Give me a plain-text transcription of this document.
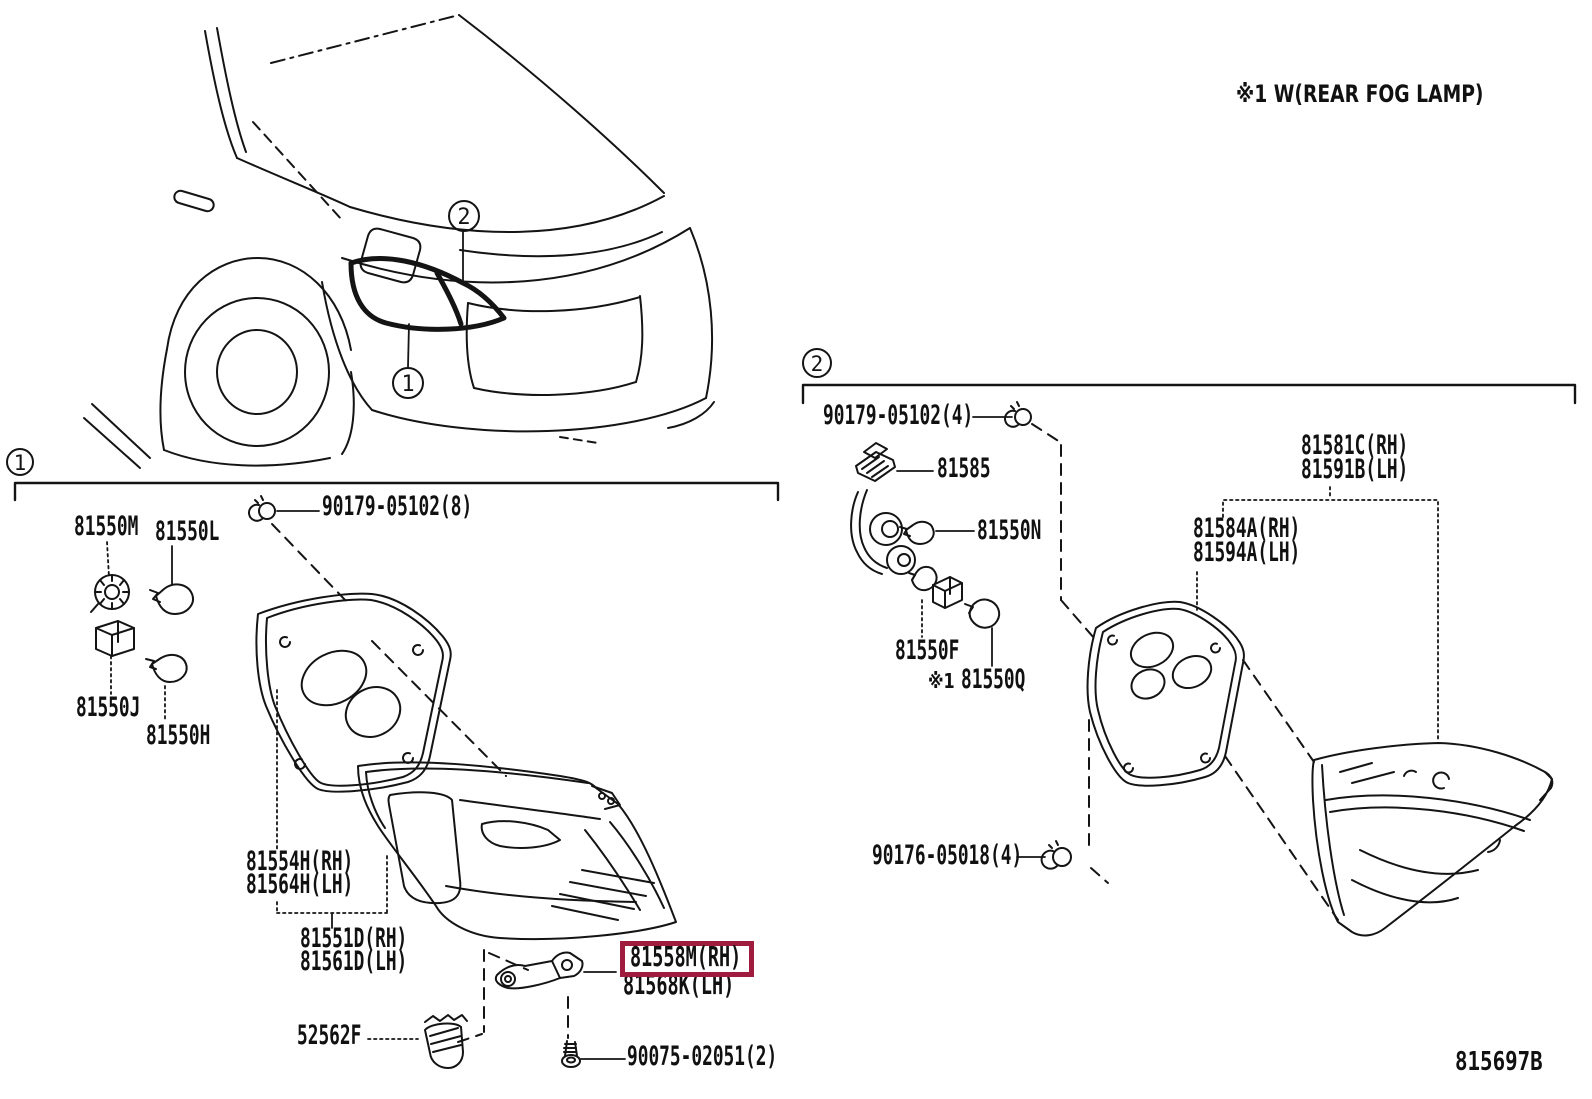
1
2
1
2
※1 W(REAR FOG LAMP)
90179-05102(8)
81550M 81550L
81550J
81550H
81554H(RH)
81564H(LH)
81551D(RH)
81561D(LH)	81558M(RH)
81568K(LH)
52562F
90075-02051(2)
90179-05102(4)
81585
81550N
81550F
※1 81550Q
81581C(RH)
81591B(LH)
81584A(RH)
81594A(LH)
90176-05018(4)
815697B
